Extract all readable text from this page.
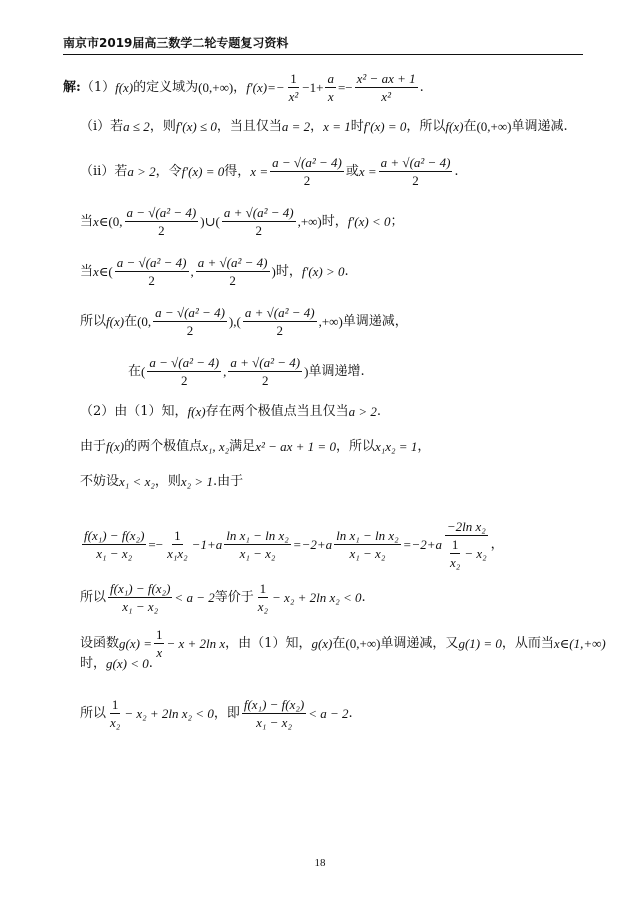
南京市2019届高三数学二轮专题复习资料
解: （1） f(x) 的定义域为 (0,+∞) ， $f'(x)=- \frac{1}{\text{x²}} -1+ \frac{a}{x} =- \frac{\text{x² − ax + 1}}{\text{x²}}$ .
（i）若 a ≤ 2 ，则 f′(x) ≤ 0 ，当且仅当 a = 2 ， x = 1 时 f′(x) = 0 ，所以 f(x) 在 (0,+∞) 单调递减.
（ii）若 a > 2 ，令 f′(x) = 0 得， $x = \frac{\text{a − √(a² − 4)}}{2}$ 或 $x = \frac{\text{a + √(a² − 4)}}{2}$ .
当 x∈ (0, $\frac{\text{a − √(a² − 4)}}{2}$ )∪( $\frac{\text{a + √(a² − 4)}}{2}$ ,+∞) 时， f′(x) < 0 ；
当 x∈ ( $\frac{\text{a − √(a² − 4)}}{2}$ , $\frac{\text{a + √(a² − 4)}}{2}$ ) 时， f′(x) > 0 .
所以 f(x) 在 (0, $\frac{\text{a − √(a² − 4)}}{2}$ ),( $\frac{\text{a + √(a² − 4)}}{2}$ ,+∞) 单调递减，
在 ( $\frac{\text{a − √(a² − 4)}}{2}$ , $\frac{\text{a + √(a² − 4)}}{2}$ ) 单调递增.
（2）由（1）知， f(x) 存在两个极值点当且仅当 a > 2 .
由于 f(x) 的两个极值点 x₁, x₂ 满足 x² − ax + 1 = 0 ，所以 x₁x₂ = 1 ，
不妨设 x₁ < x₂ ，则 x₂ > 1 .由于
$\frac{\text{f(x₁) − f(x₂)}}{\text{x₁ − x₂}} =- \frac{1}{\text{x₁x₂}} -1+a \frac{\text{ln x₁ − ln x₂}}{\text{x₁ − x₂}} =-2+a \frac{\text{ln x₁ − ln x₂}}{\text{x₁ − x₂}} =-2+a \frac{\text{−2ln x₂}}{\frac{1}{\text{x₂}} - x_2}$ ，
所以 $\frac{\text{f(x₁) − f(x₂)}}{\text{x₁ − x₂}} < a - 2$ 等价于 $\frac{1}{\text{x₂}} - x_2 + 2\ln$ x₂ < 0 .
设函数 $g(x) = \frac{1}{x} - x + 2\ln$ x ，由（1）知， g(x) 在 (0,+∞) 单调递减，又 g(1) = 0 ，从而当 x∈(1,+∞)
时， g(x) < 0 .
所以 $\frac{1}{\text{x₂}} - x_2 + 2\ln$ x₂ < 0 ，即 $\frac{\text{f(x₁) − f(x₂)}}{\text{x₁ − x₂}} < a - 2$ .
18
